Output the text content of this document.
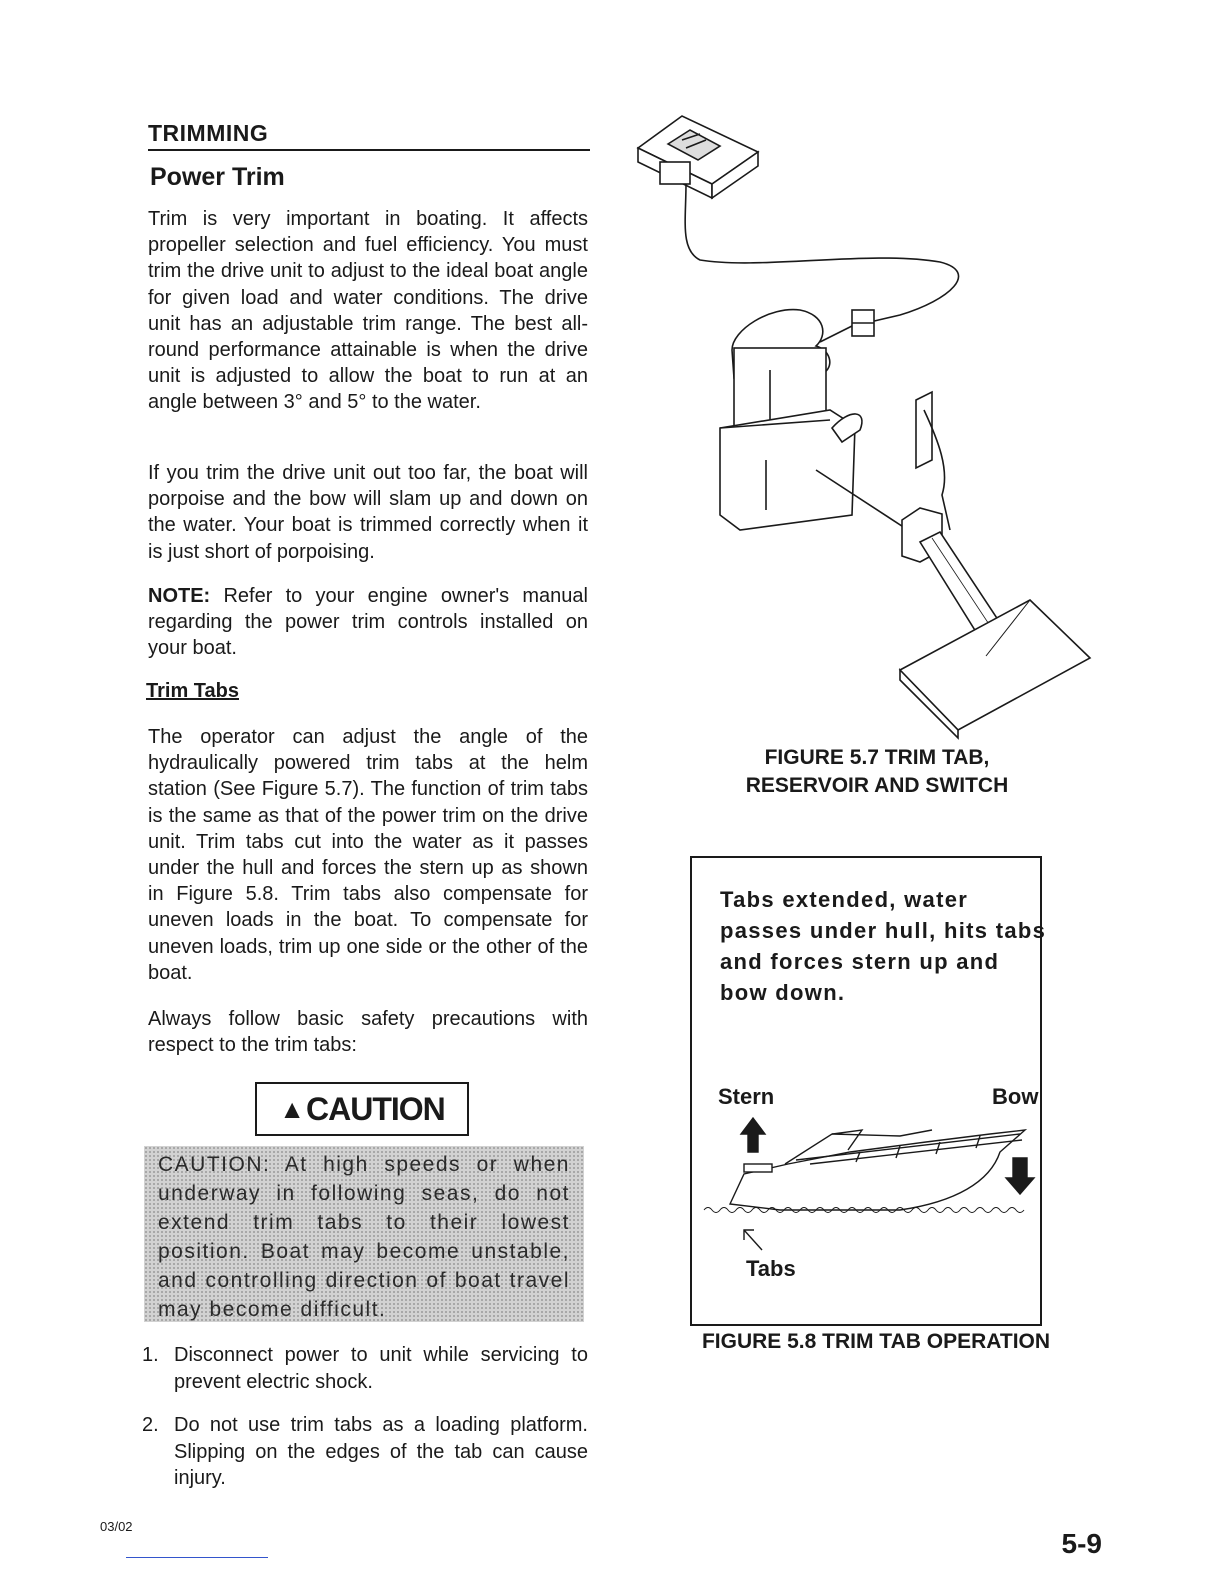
TRIMMING
Power Trim

Trim is very important in boating. It affects propeller selection and fuel efficiency. You must trim the drive unit to adjust to the ideal boat angle for given load and water conditions. The drive unit has an adjustable trim range. The best all-round performance attainable is when the drive unit is adjusted to allow the boat to run at an angle between 3° and 5° to the water.

If you trim the drive unit out too far, the boat will porpoise and the bow will slam up and down on the water. Your boat is trimmed correctly when it is just short of porpoising.

NOTE: Refer to your engine owner's manual regarding the power trim controls installed on your boat.

Trim Tabs

The operator can adjust the angle of the hydraulically powered trim tabs at the helm station (See Figure 5.7). The function of trim tabs is the same as that of the power trim on the drive unit. Trim tabs cut into the water as it passes under the hull and forces the stern up as shown in Figure 5.8. Trim tabs also compensate for uneven loads in the boat. To compensate for uneven loads, trim up one side or the other of the boat.

Always follow basic safety precautions with respect to the trim tabs:

▲ CAUTION
CAUTION: At high speeds or when underway in following seas, do not extend trim tabs to their lowest position. Boat may become unstable, and controlling direction of boat travel may become difficult.
1. Disconnect power to unit while servicing to prevent electric shock.
2. Do not use trim tabs as a loading platform. Slipping on the edges of the tab can cause injury.
FIGURE 5.7 TRIM TAB,
RESERVOIR AND SWITCH
Tabs extended, water passes under hull, hits tabs and forces stern up and bow down.
Stern	Bow
Tabs
FIGURE 5.8 TRIM TAB OPERATION
03/02
5-9
